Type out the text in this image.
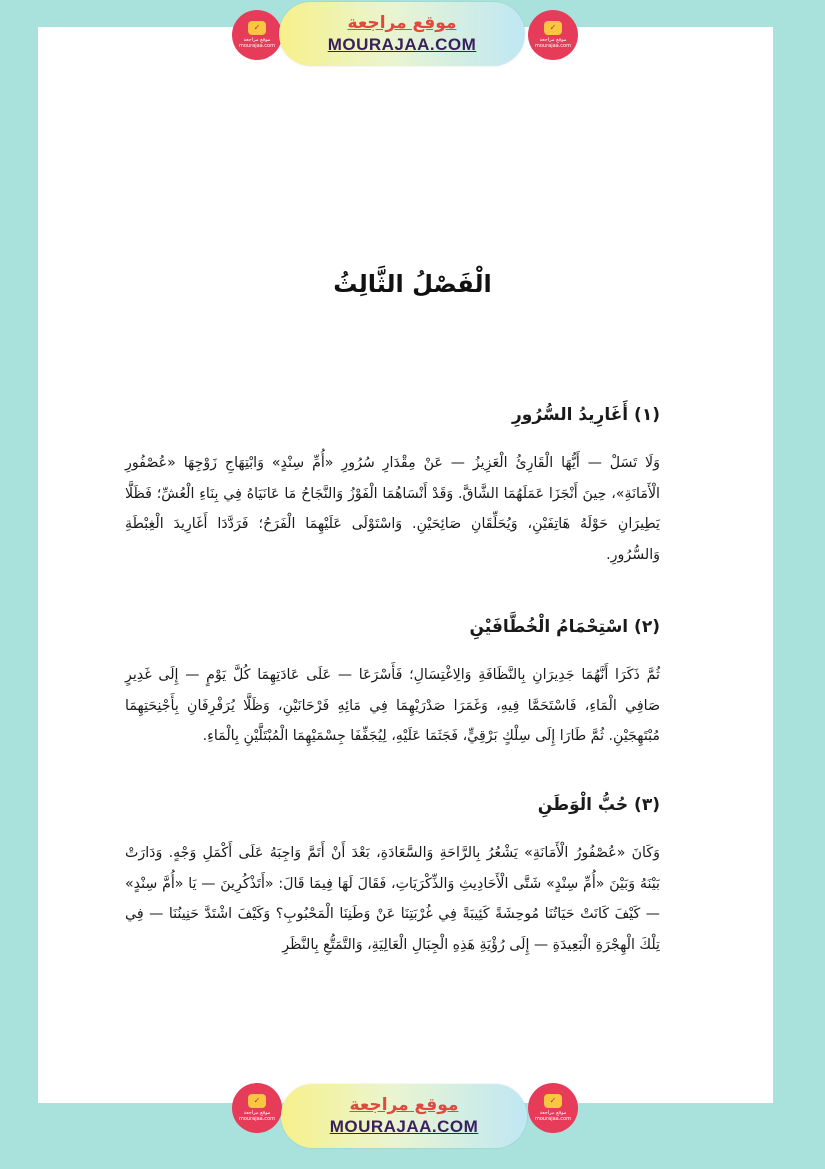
✓
موقع مراجعة
mourajaa.com
موقع مراجعة
MOURAJAA.COM
✓
موقع مراجعة
mourajaa.com
الْفَصْلُ الثَّالِثُ
(١) أَغَارِيدُ السُّرُورِ

وَلَا تَسَلْ — أَيُّهَا الْقَارِئُ الْعَزِيزُ — عَنْ مِقْدَارِ سُرُورِ «أُمِّ سِنْدٍ» وَابْتِهَاجِ زَوْجِهَا «عُصْفُورِ الْأَمَانَةِ»، حِينَ أَنْجَزَا عَمَلَهُمَا الشَّاقَّ. وَقَدْ أَنْسَاهُمَا الْفَوْزُ وَالنَّجَاحُ مَا عَانَيَاهُ فِي بِنَاءِ الْعُشِّ؛ فَظَلَّا يَطِيرَانِ حَوْلَهُ هَاتِفَيْنِ، وَيُحَلِّقَانِ صَائِحَيْنِ. وَاسْتَوْلَى عَلَيْهِمَا الْفَرَحُ؛ فَرَدَّدَا أَغَارِيدَ الْغِبْطَةِ وَالسُّرُورِ.

(٢) اسْتِحْمَامُ الْخُطَّافَيْنِ

ثُمَّ ذَكَرَا أَنَّهُمَا جَدِيرَانِ بِالنَّظَافَةِ وَالِاغْتِسَالِ؛ فَأَسْرَعَا — عَلَى عَادَتِهِمَا كُلَّ يَوْمٍ — إِلَى غَدِيرٍ صَافِي الْمَاءِ، فَاسْتَحَمَّا فِيهِ، وَغَمَرَا صَدْرَيْهِمَا فِي مَائِهِ فَرْحَانَيْنِ، وَظَلَّا يُرَفْرِفَانِ بِأَجْنِحَتِهِمَا مُبْتَهِجَيْنِ. ثُمَّ طَارَا إِلَى سِلْكٍ بَرْقِيٍّ، فَجَثَمَا عَلَيْهِ، لِيُجَفِّفَا جِسْمَيْهِمَا الْمُبْتَلَّيْنِ بِالْمَاءِ.

(٣) حُبُّ الْوَطَنِ

وَكَانَ «عُصْفُورُ الْأَمَانَةِ» يَشْعُرُ بِالرَّاحَةِ وَالسَّعَادَةِ، بَعْدَ أَنْ أَتَمَّ وَاجِبَهُ عَلَى أَكْمَلِ وَجْهٍ. وَدَارَتْ بَيْنَهُ وَبَيْنَ «أُمِّ سِنْدٍ» شَتَّى الْأَحَادِيثِ وَالذِّكْرَيَاتِ، فَقَالَ لَهَا فِيمَا قَالَ: «أَتَذْكُرِينَ — يَا «أُمَّ سِنْدٍ» — كَيْفَ كَانَتْ حَيَاتُنَا مُوحِشَةً كَئِيبَةً فِي غُرْبَتِنَا عَنْ وَطَنِنَا الْمَحْبُوبِ؟ وَكَيْفَ اشْتَدَّ حَنِينُنَا — فِي تِلْكَ الْهِجْرَةِ الْبَعِيدَةِ — إِلَى رُؤْيَةِ هَذِهِ الْجِبَالِ الْعَالِيَةِ، وَالتَّمَتُّعِ بِالنَّظَرِ

✓
موقع مراجعة
mourajaa.com
موقع مراجعة
MOURAJAA.COM
✓
موقع مراجعة
mourajaa.com
